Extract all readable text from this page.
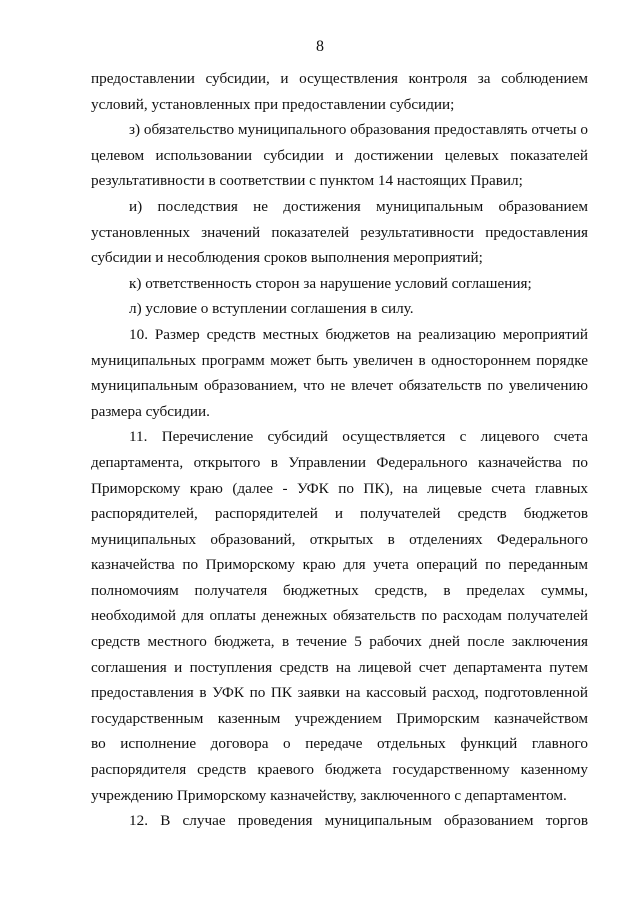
8
предоставлении субсидии, и осуществления контроля за соблюдением
условий, установленных при предоставлении субсидии;
з) обязательство муниципального образования предоставлять отчеты о
целевом использовании субсидии и достижении целевых показателей
результативности в соответствии с пунктом 14 настоящих Правил;
и) последствия не достижения муниципальным образованием
установленных значений показателей результативности предоставления
субсидии и несоблюдения сроков выполнения мероприятий;
к) ответственность сторон за нарушение условий соглашения;
л) условие о вступлении соглашения в силу.
10. Размер средств местных бюджетов на реализацию мероприятий
муниципальных программ может быть увеличен в одностороннем порядке
муниципальным образованием, что не влечет обязательств по увеличению
размера субсидии.
11. Перечисление субсидий осуществляется с лицевого счета
департамента, открытого в Управлении Федерального казначейства по
Приморскому краю (далее - УФК по ПК), на лицевые счета главных
распорядителей, распорядителей и получателей средств бюджетов
муниципальных образований, открытых в отделениях Федерального
казначейства по Приморскому краю для учета операций по переданным
полномочиям получателя бюджетных средств, в пределах суммы,
необходимой для оплаты денежных обязательств по расходам получателей
средств местного бюджета, в течение 5 рабочих дней после заключения
соглашения и поступления средств на лицевой счет департамента путем
предоставления в УФК по ПК заявки на кассовый расход, подготовленной
государственным казенным учреждением Приморским казначейством
во исполнение договора о передаче отдельных функций главного
распорядителя средств краевого бюджета государственному казенному
учреждению Приморскому казначейству, заключенного с департаментом.
12. В случае проведения муниципальным образованием торгов
